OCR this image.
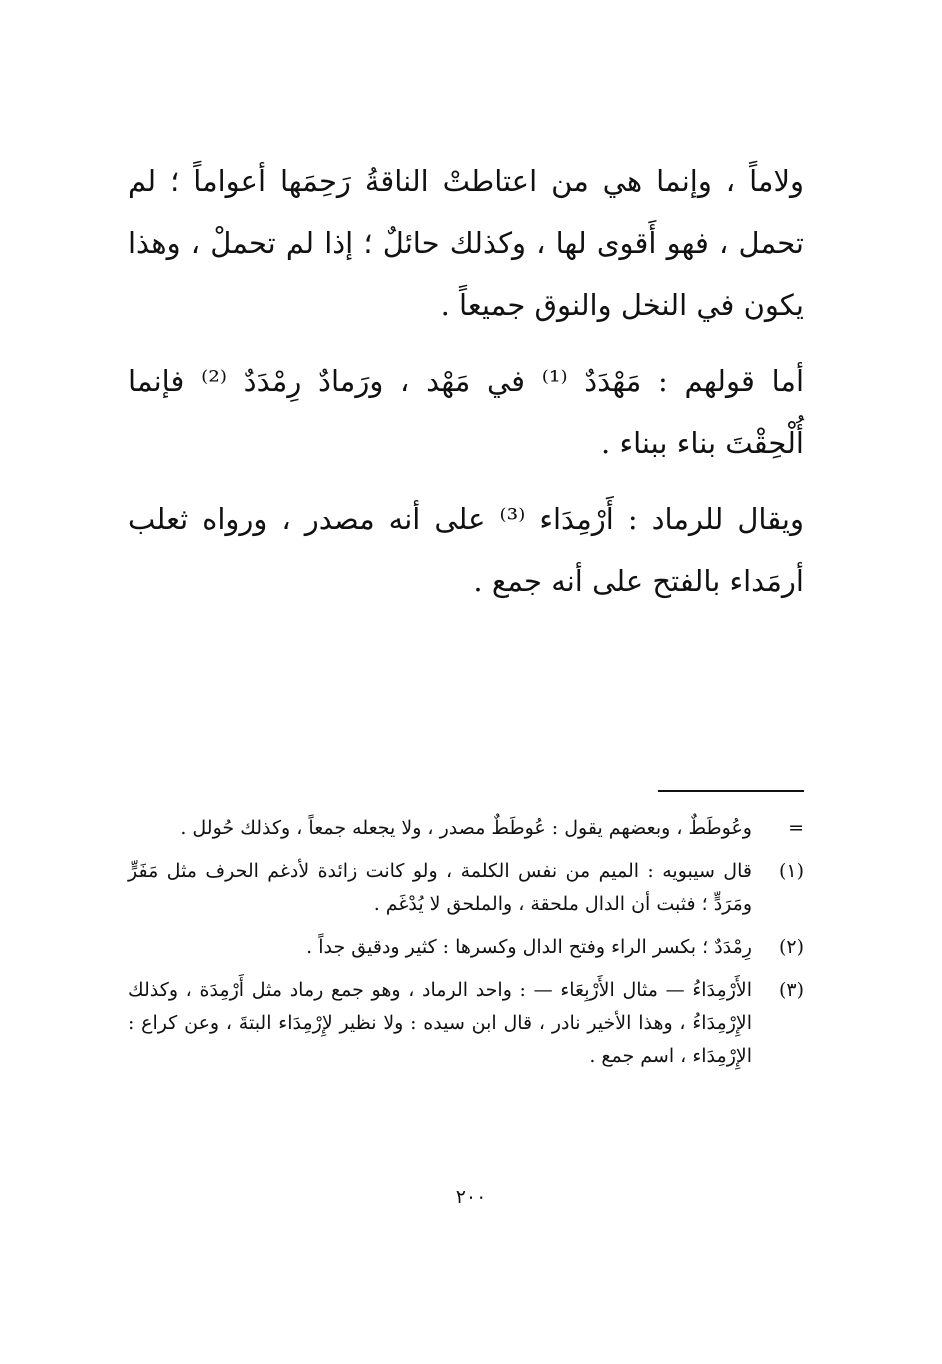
ولاماً ، وإنما هي من اعتاطتْ الناقةُ رَحِمَها أعواماً ؛ لم تحمل ، فهو أَقوى لها ، وكذلك حائلٌ ؛ إذا لم تحملْ ، وهذا يكون في النخل والنوق جميعاً .

أما قولهم : مَهْدَدٌ ⁽¹⁾ في مَهْد ، ورَمادٌ رِمْدَدٌ ⁽²⁾ فإنما أُلْحِقْتَ بناء ببناء .

ويقال للرماد : أَرْمِدَاء ⁽³⁾ على أنه مصدر ، ورواه ثعلب أرمَداء بالفتح على أنه جمع .

=
وعُوطَطٌ ، وبعضهم يقول : عُوطَطٌ مصدر ، ولا يجعله جمعاً ، وكذلك حُولل .
(١)
قال سيبويه : الميم من نفس الكلمة ، ولو كانت زائدة لأدغم الحرف مثل مَفَرٍّ ومَرَدٍّ ؛ فثبت أن الدال ملحقة ، والملحق لا يُدْغَم .
(٢)
رِمْدَدٌ ؛ بكسر الراء وفتح الدال وكسرها : كثير ودقيق جداً .
(٣)
الأَرْمِدَاءُ — مثال الأَرْبِعَاء — : واحد الرماد ، وهو جمع رماد مثل أَرْمِدَة ، وكذلك الإِرْمِدَاءُ ، وهذا الأخير نادر ، قال ابن سيده : ولا نظير لإِرْمِدَاء البتةَ ، وعن كراع : الإِرْمِدَاء ، اسم جمع .
٢٠٠
